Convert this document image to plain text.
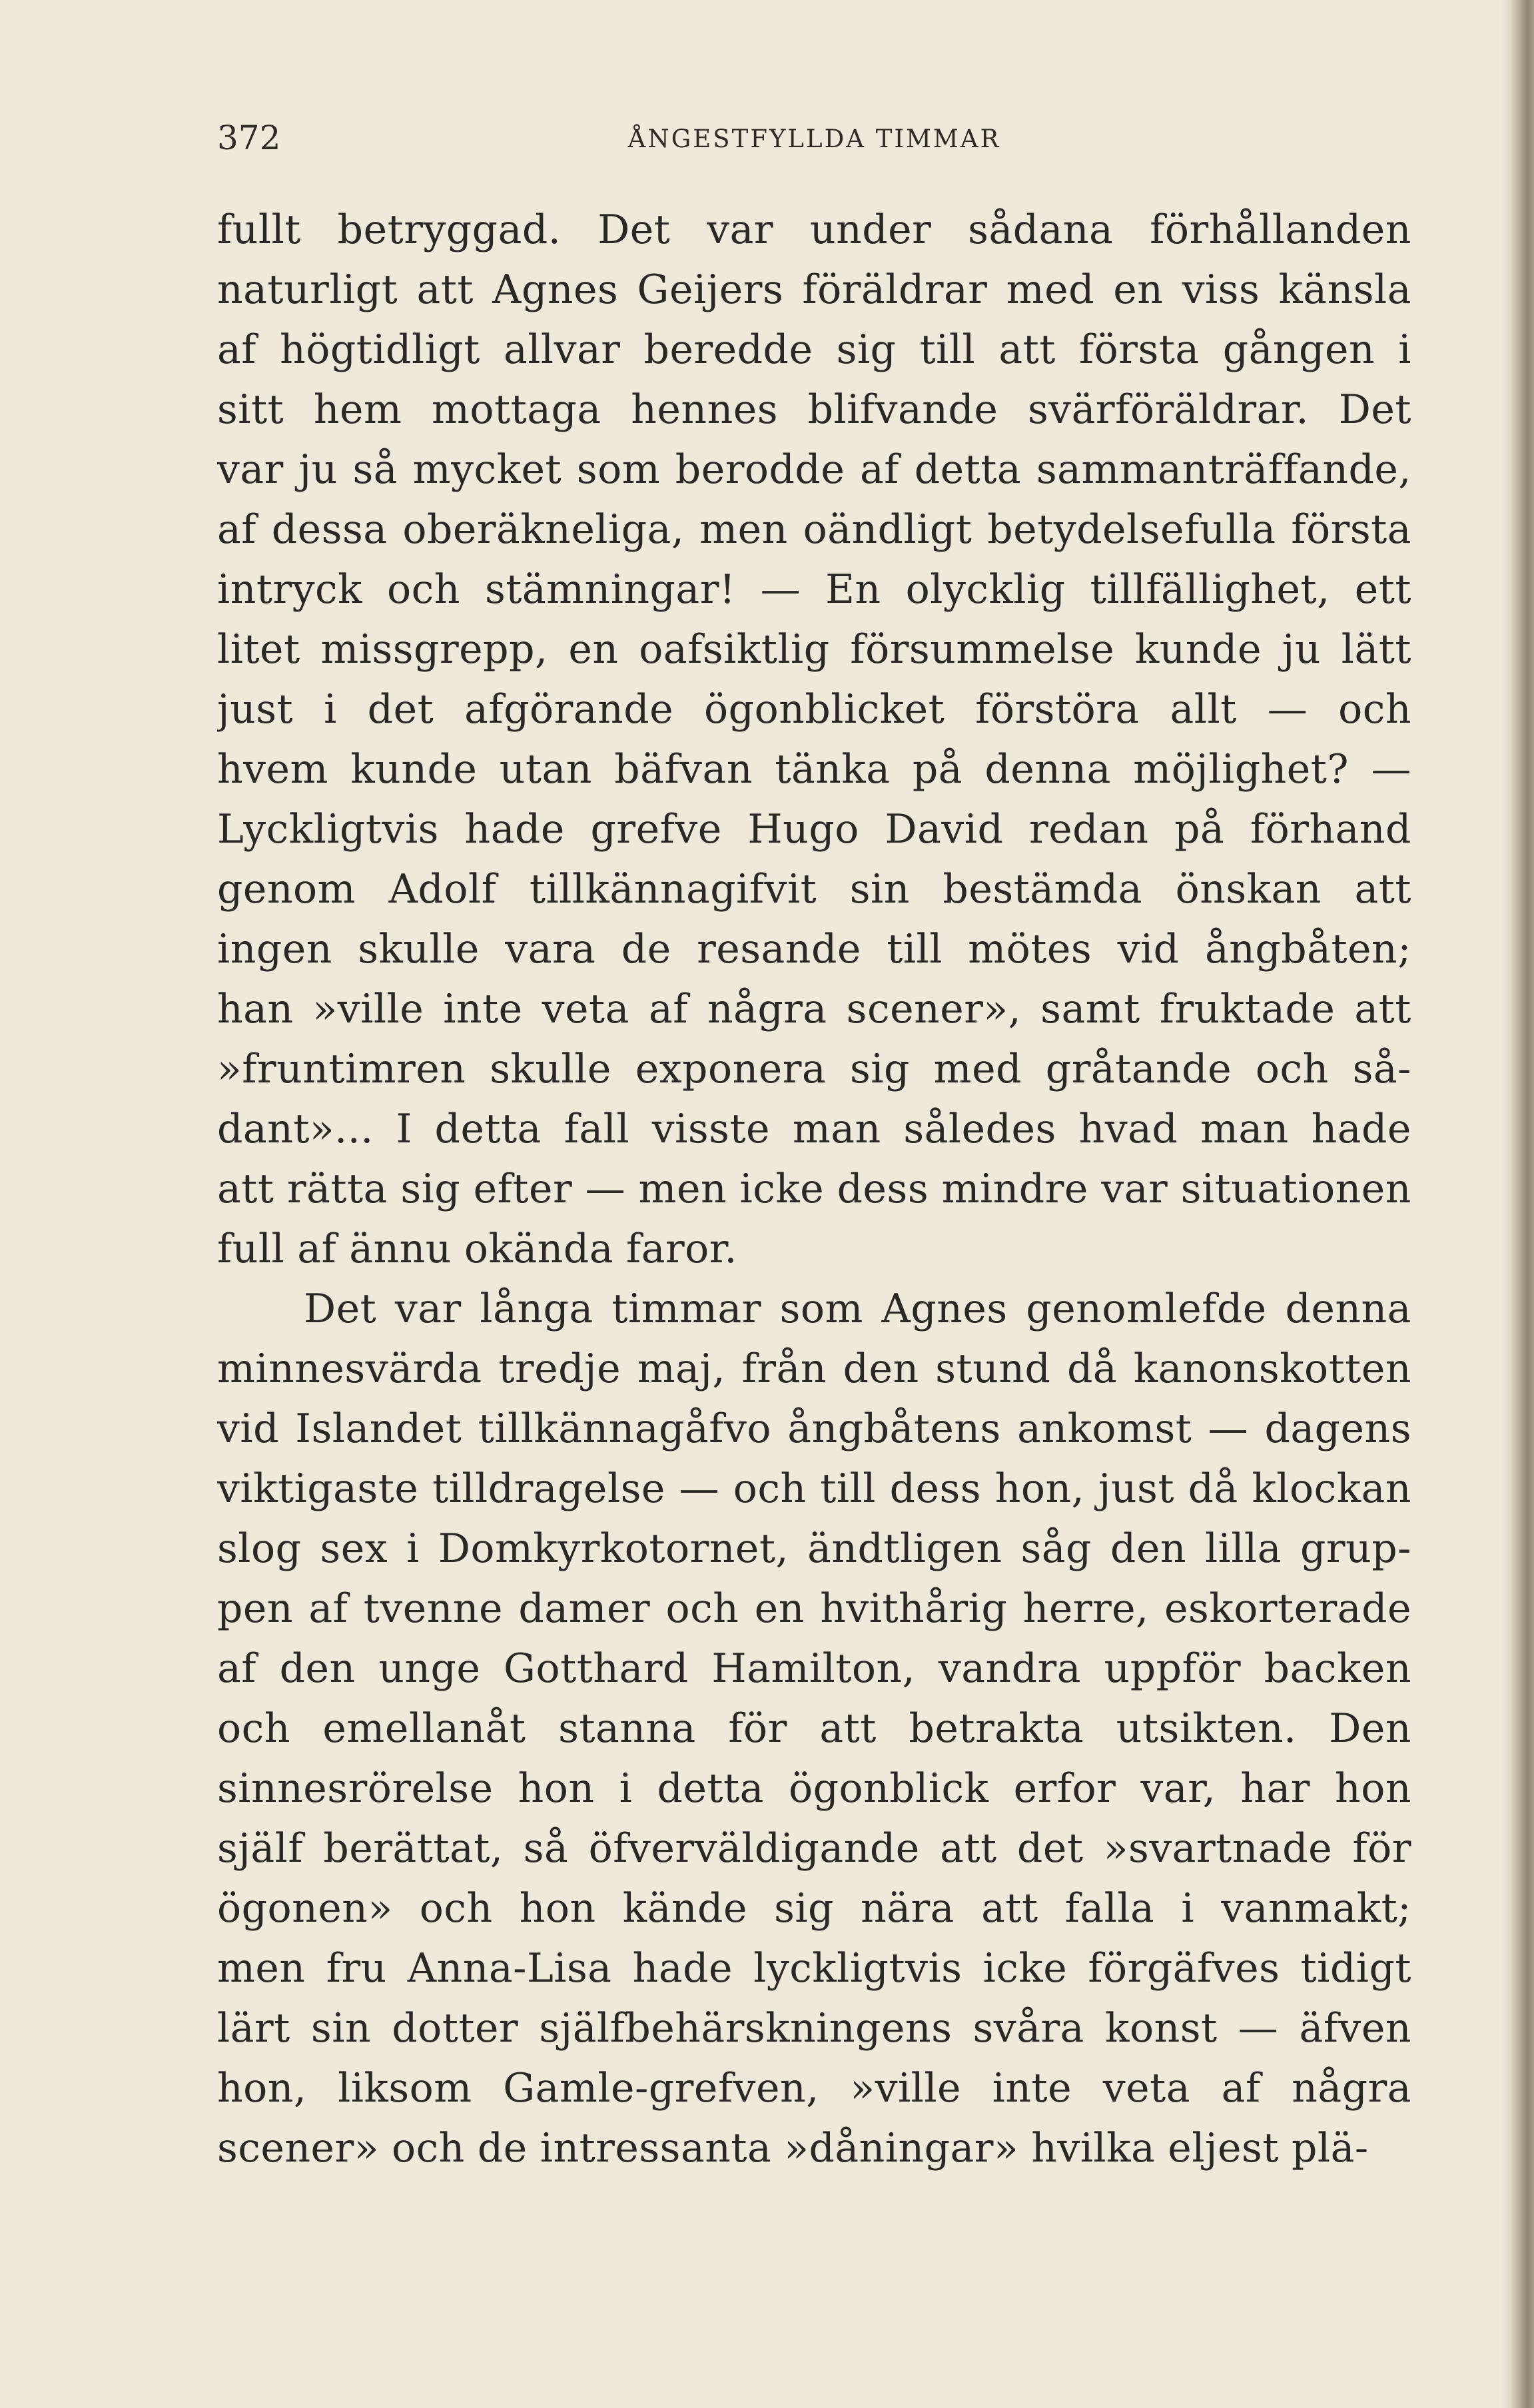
372	ÅNGESTFYLLDA TIMMAR
fullt betryggad. Det var under sådana förhållanden
naturligt att Agnes Geijers föräldrar med en viss känsla
af högtidligt allvar beredde sig till att första gången i
sitt hem mottaga hennes blifvande svärföräldrar. Det
var ju så mycket som berodde af detta sammanträffande,
af dessa oberäkneliga, men oändligt betydelsefulla första
intryck och stämningar! — En olycklig tillfällighet, ett
litet missgrepp, en oafsiktlig försummelse kunde ju lätt
just i det afgörande ögonblicket förstöra allt — och
hvem kunde utan bäfvan tänka på denna möjlighet? —
Lyckligtvis hade grefve Hugo David redan på förhand
genom Adolf tillkännagifvit sin bestämda önskan att
ingen skulle vara de resande till mötes vid ångbåten;
han »ville inte veta af några scener», samt fruktade att
»fruntimren skulle exponera sig med gråtande och så-
dant»... I detta fall visste man således hvad man hade
att rätta sig efter — men icke dess mindre var situationen
full af ännu okända faror.
Det var långa timmar som Agnes genomlefde denna
minnesvärda tredje maj, från den stund då kanonskotten
vid Islandet tillkännagåfvo ångbåtens ankomst — dagens
viktigaste tilldragelse — och till dess hon, just då klockan
slog sex i Domkyrkotornet, ändtligen såg den lilla grup-
pen af tvenne damer och en hvithårig herre, eskorterade
af den unge Gotthard Hamilton, vandra uppför backen
och emellanåt stanna för att betrakta utsikten. Den
sinnesrörelse hon i detta ögonblick erfor var, har hon
själf berättat, så öfverväldigande att det »svartnade för
ögonen» och hon kände sig nära att falla i vanmakt;
men fru Anna-Lisa hade lyckligtvis icke förgäfves tidigt
lärt sin dotter själfbehärskningens svåra konst — äfven
hon, liksom Gamle-grefven, »ville inte veta af några
scener» och de intressanta »dåningar» hvilka eljest plä-
